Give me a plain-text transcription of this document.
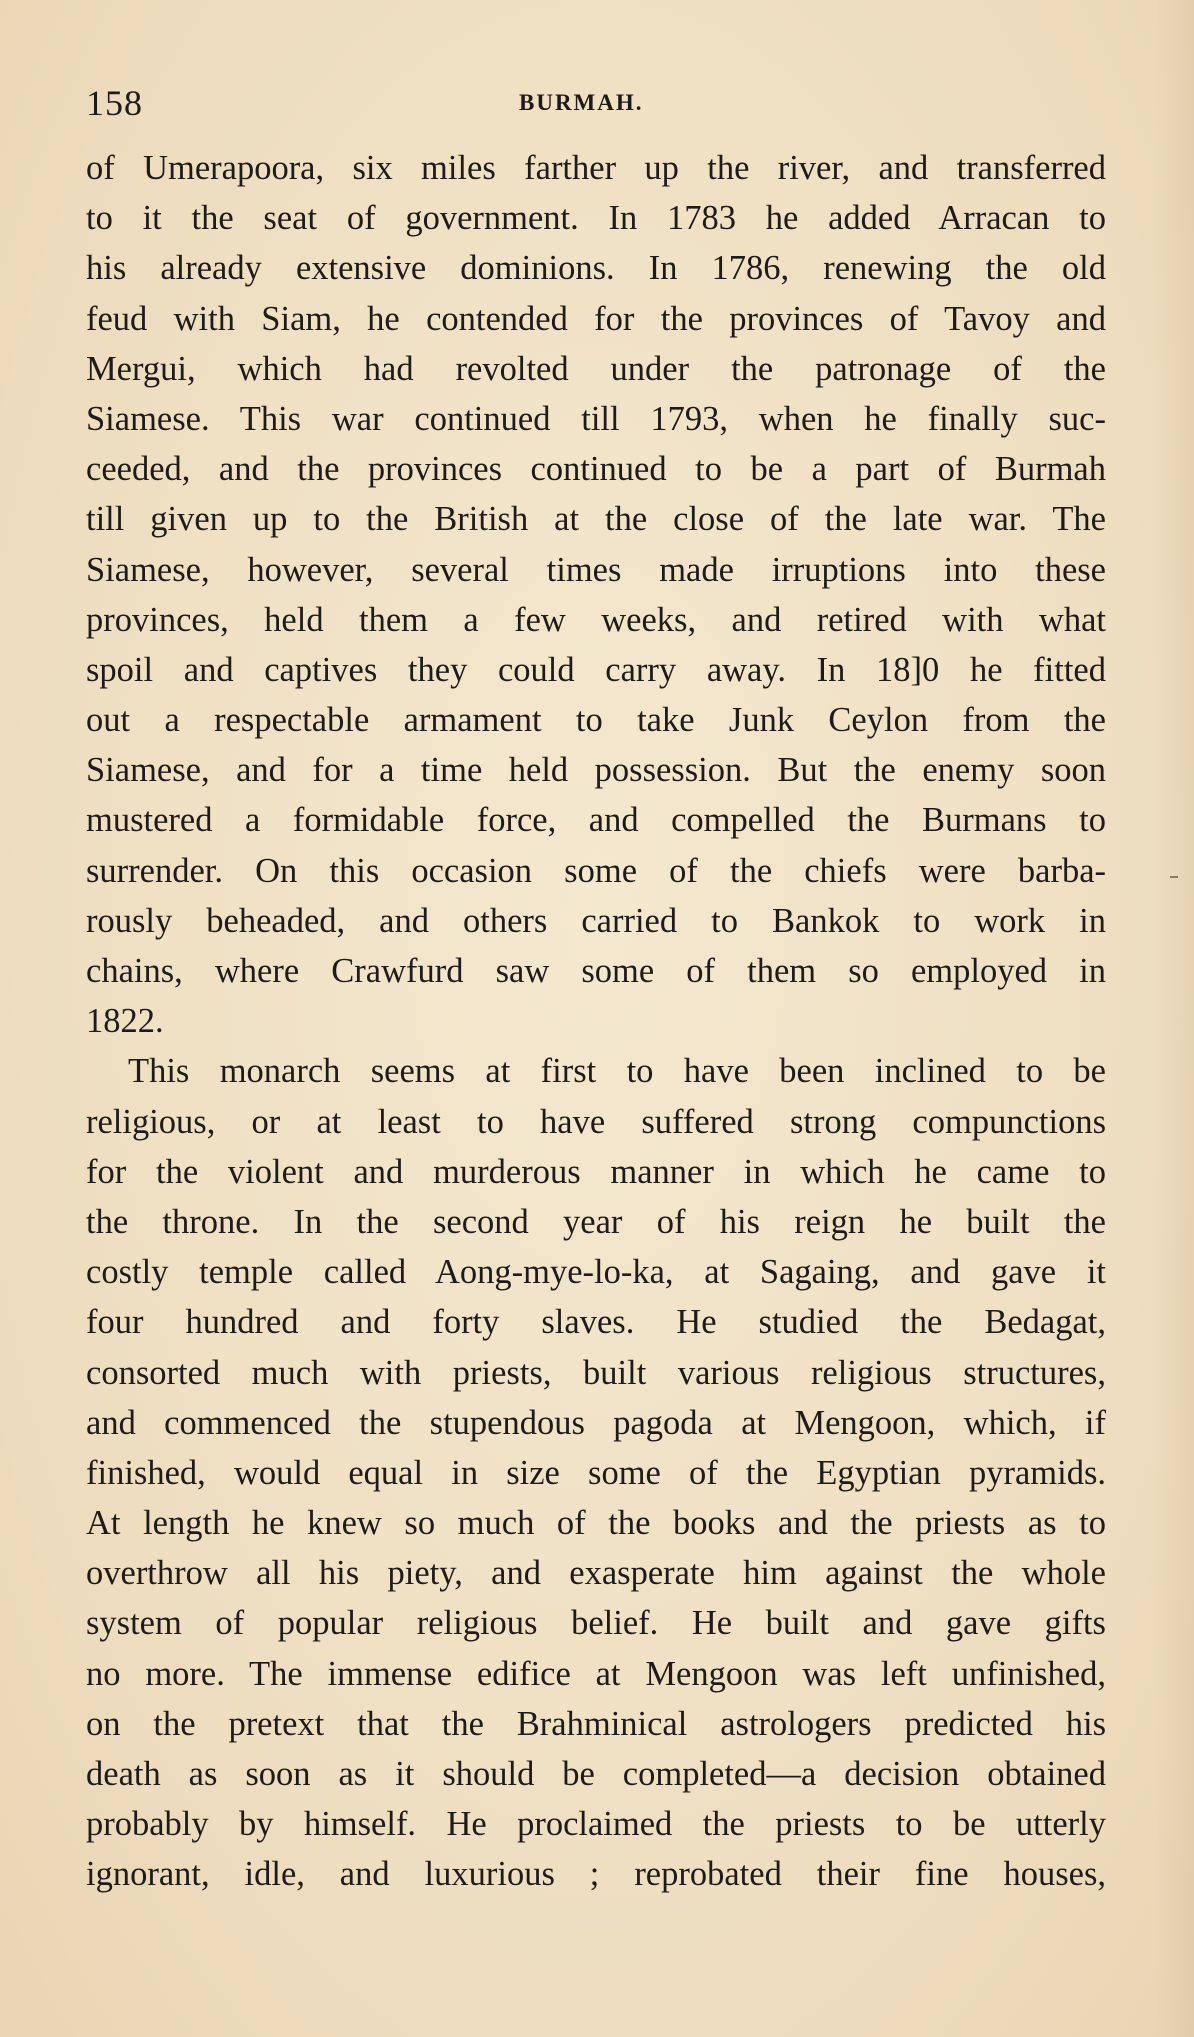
158	BURMAH.
of Umerapoora, six miles farther up the river, and transferred
to it the seat of government. In 1783 he added Arracan to
his already extensive dominions. In 1786, renewing the old
feud with Siam, he contended for the provinces of Tavoy and
Mergui, which had revolted under the patronage of the
Siamese. This war continued till 1793, when he finally suc-
ceeded, and the provinces continued to be a part of Burmah
till given up to the British at the close of the late war. The
Siamese, however, several times made irruptions into these
provinces, held them a few weeks, and retired with what
spoil and captives they could carry away. In 18]0 he fitted
out a respectable armament to take Junk Ceylon from the
Siamese, and for a time held possession. But the enemy soon
mustered a formidable force, and compelled the Burmans to
surrender. On this occasion some of the chiefs were barba-
rously beheaded, and others carried to Bankok to work in
chains, where Crawfurd saw some of them so employed in
1822.
This monarch seems at first to have been inclined to be
religious, or at least to have suffered strong compunctions
for the violent and murderous manner in which he came to
the throne. In the second year of his reign he built the
costly temple called Aong-mye-lo-ka, at Sagaing, and gave it
four hundred and forty slaves. He studied the Bedagat,
consorted much with priests, built various religious structures,
and commenced the stupendous pagoda at Mengoon, which, if
finished, would equal in size some of the Egyptian pyramids.
At length he knew so much of the books and the priests as to
overthrow all his piety, and exasperate him against the whole
system of popular religious belief. He built and gave gifts
no more. The immense edifice at Mengoon was left unfinished,
on the pretext that the Brahminical astrologers predicted his
death as soon as it should be completed—a decision obtained
probably by himself. He proclaimed the priests to be utterly
ignorant, idle, and luxurious ; reprobated their fine houses,
